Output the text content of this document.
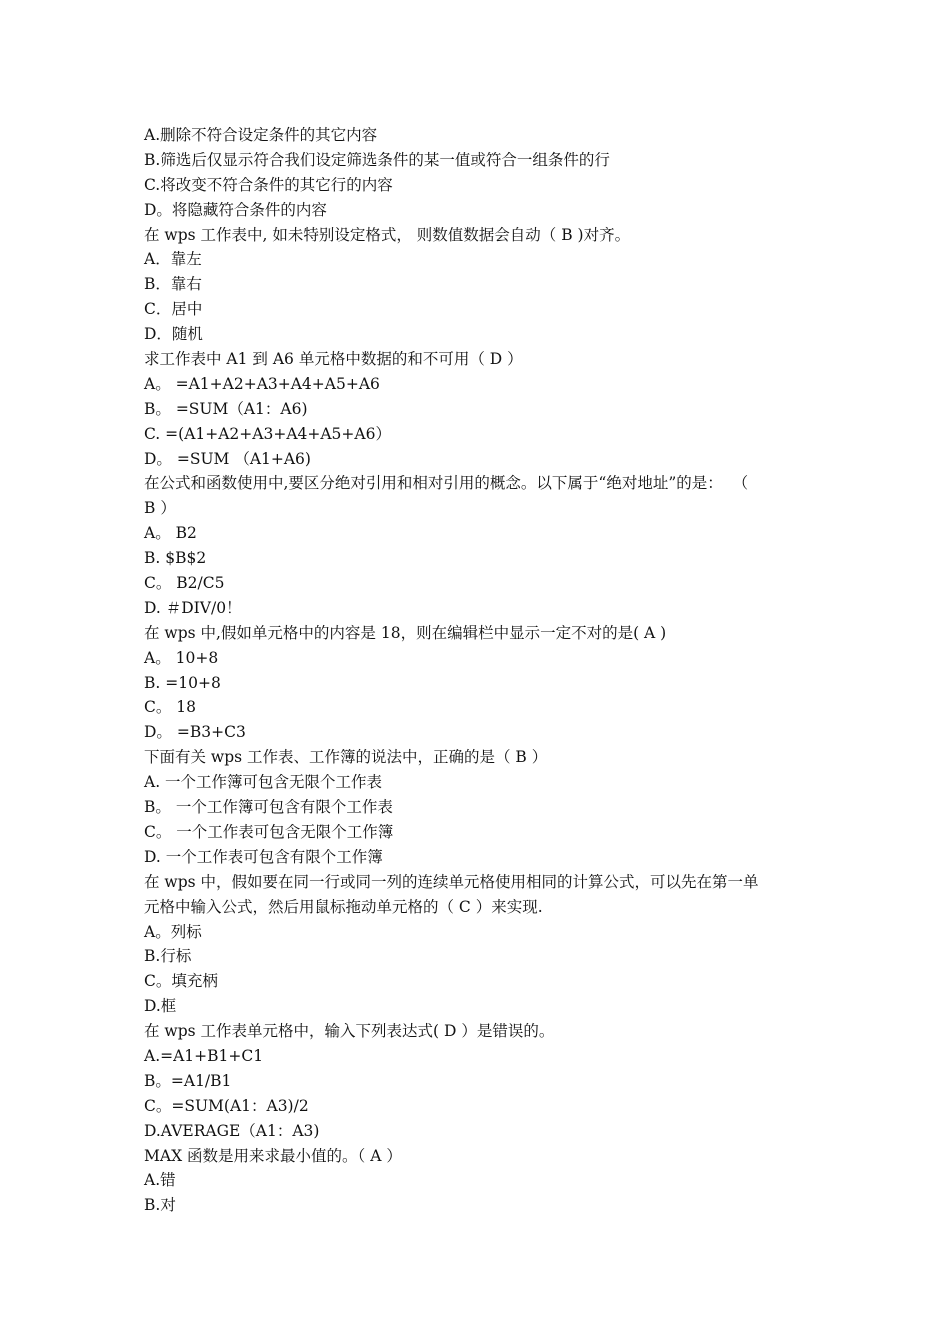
A.删除不符合设定条件的其它内容
B.筛选后仅显示符合我们设定筛选条件的某一值或符合一组条件的行
C.将改变不符合条件的其它行的内容
D。将隐藏符合条件的内容
在 wps 工作表中, 如未特别设定格式， 则数值数据会自动（ B )对齐。
A．靠左
B．靠右
C．居中
D．随机
求工作表中 A1 到 A6 单元格中数据的和不可用（ D ）
A。 =A1+A2+A3+A4+A5+A6
B。 =SUM（A1：A6)
C. =(A1+A2+A3+A4+A5+A6）
D。 =SUM （A1+A6)
在公式和函数使用中,要区分绝对引用和相对引用的概念。以下属于“绝对地址”的是：  （
B ）
A。 B2
B. $B$2
C。 B2/C5
D. ＃DIV/0！
在 wps 中,假如单元格中的内容是 18，则在编辑栏中显示一定不对的是( A )
A。 10+8
B. =10+8
C。 18
D。 =B3+C3
下面有关 wps 工作表、工作簿的说法中，正确的是（ B ）
A. 一个工作簿可包含无限个工作表
B。 一个工作簿可包含有限个工作表
C。 一个工作表可包含无限个工作簿
D. 一个工作表可包含有限个工作簿
在 wps 中，假如要在同一行或同一列的连续单元格使用相同的计算公式，可以先在第一单
元格中输入公式，然后用鼠标拖动单元格的（ C ）来实现.
A。列标
B.行标
C。填充柄
D.框
在 wps 工作表单元格中，输入下列表达式( D ）是错误的。
A.=A1+B1+C1
B。=A1/B1
C。=SUM(A1：A3)/2
D.AVERAGE（A1：A3)
MAX 函数是用来求最小值的。（ A ）
A.错
B.对
